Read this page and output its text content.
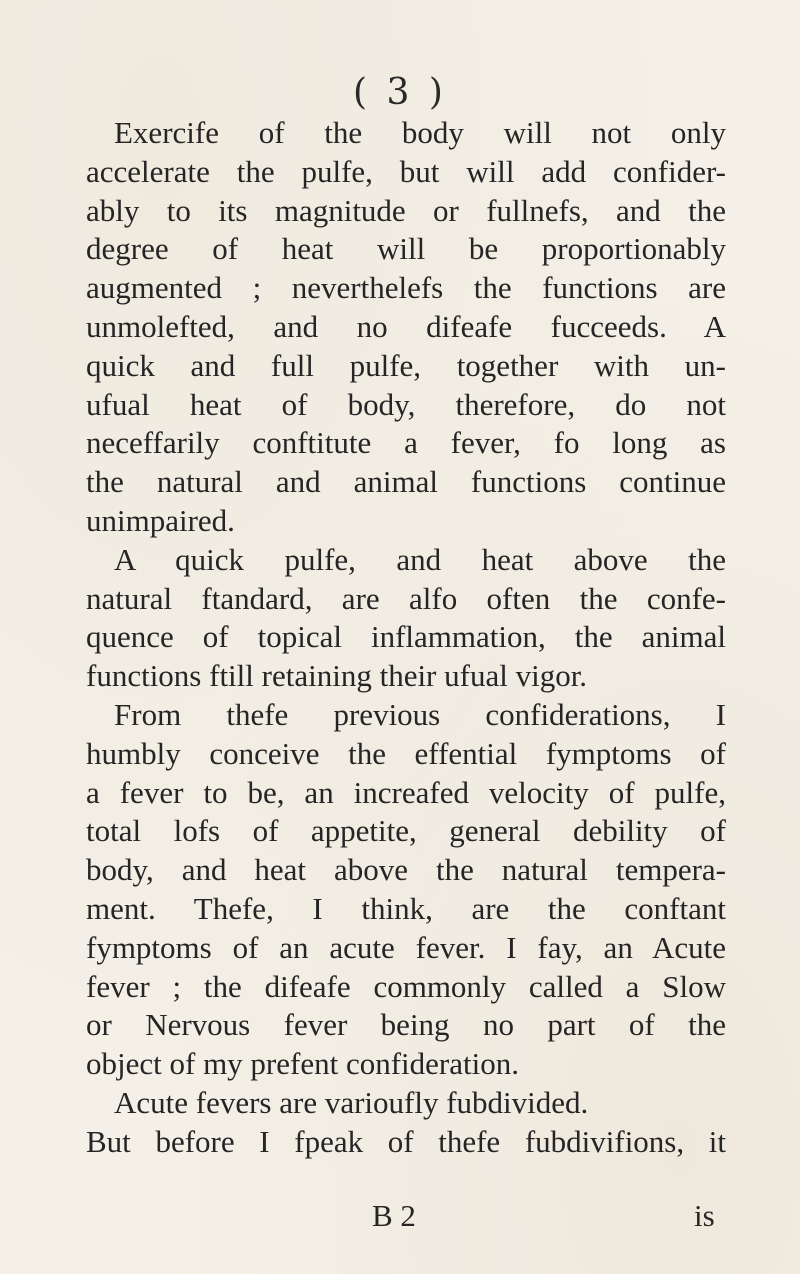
( 3 )
Exercife of the body will not only
accelerate the pulfe, but will add confider-
ably to its magnitude or fullnefs, and the
degree of heat will be proportionably
augmented ; neverthelefs the functions are
unmolefted, and no difeafe fucceeds. A
quick and full pulfe, together with un-
ufual heat of body, therefore, do not
neceffarily conftitute a fever, fo long as
the natural and animal functions continue
unimpaired.
A quick pulfe, and heat above the
natural ftandard, are alfo often the confe-
quence of topical inflammation, the animal
functions ftill retaining their ufual vigor.
From thefe previous confiderations, I
humbly conceive the effential fymptoms of
a fever to be, an increafed velocity of pulfe,
total lofs of appetite, general debility of
body, and heat above the natural tempera-
ment. Thefe, I think, are the conftant
fymptoms of an acute fever. I fay, an Acute
fever ; the difeafe commonly called a Slow
or Nervous fever being no part of the
object of my prefent confideration.
Acute fevers are varioufly fubdivided.
But before I fpeak of thefe fubdivifions, it
B 2	is
